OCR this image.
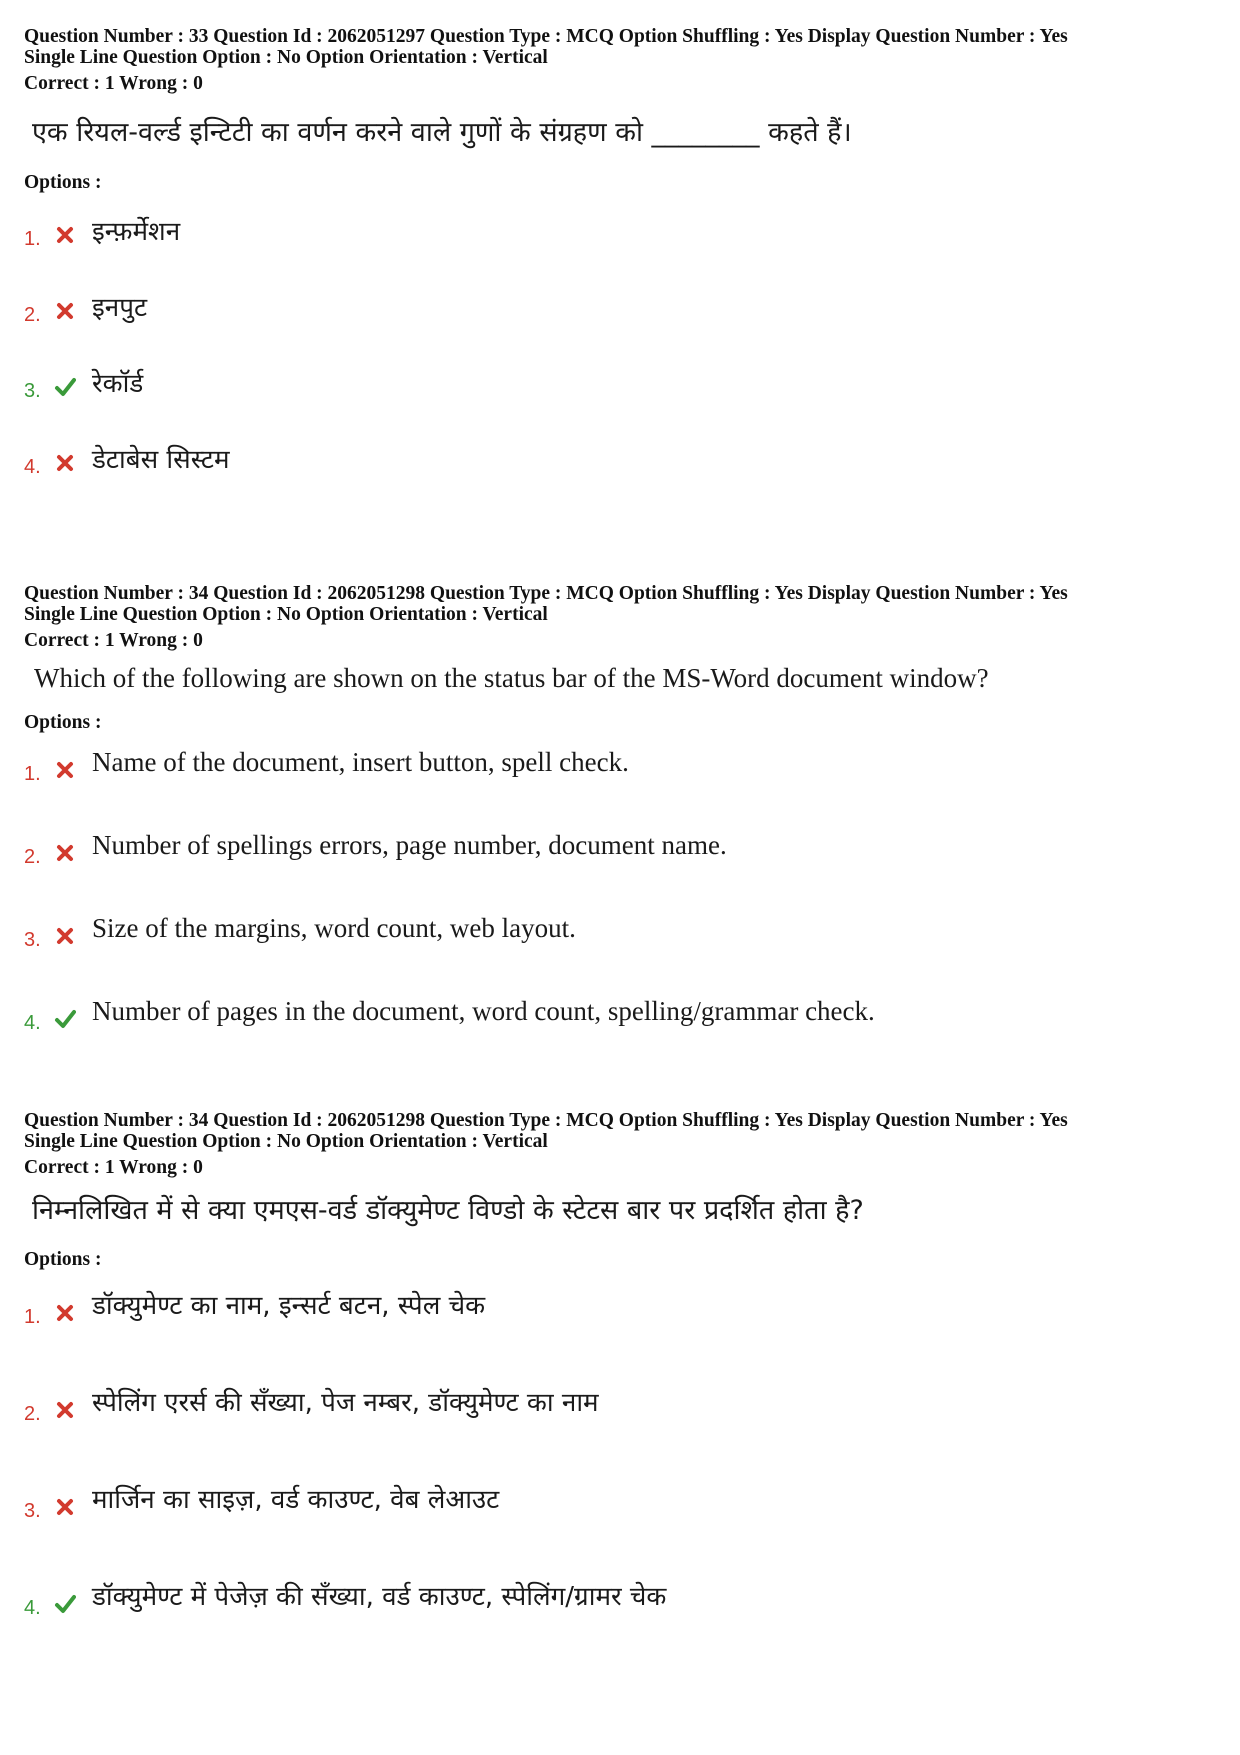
Question Number : 33 Question Id : 2062051297 Question Type : MCQ Option Shuffling : Yes Display Question Number : Yes

Single Line Question Option : No Option Orientation : Vertical

Correct : 1 Wrong : 0

एक रियल-वर्ल्ड इन्टिटी का वर्णन करने वाले गुणों के संग्रहण को ________ कहते हैं।

Options :
1. इन्फ़र्मेशन
2. इनपुट
3. रेकॉर्ड
4. डेटाबेस सिस्टम

Question Number : 34 Question Id : 2062051298 Question Type : MCQ Option Shuffling : Yes Display Question Number : Yes

Single Line Question Option : No Option Orientation : Vertical

Correct : 1 Wrong : 0

Which of the following are shown on the status bar of the MS-Word document window?

Options :
1. Name of the document, insert button, spell check.
2. Number of spellings errors, page number, document name.
3. Size of the margins, word count, web layout.
4. Number of pages in the document, word count, spelling/grammar check.

Question Number : 34 Question Id : 2062051298 Question Type : MCQ Option Shuffling : Yes Display Question Number : Yes

Single Line Question Option : No Option Orientation : Vertical

Correct : 1 Wrong : 0

निम्नलिखित में से क्या एमएस-वर्ड डॉक्युमेण्ट विण्डो के स्टेटस बार पर प्रदर्शित होता है?

Options :
1. डॉक्युमेण्ट का नाम, इन्सर्ट बटन, स्पेल चेक
2. स्पेलिंग एरर्स की सँख्या, पेज नम्बर, डॉक्युमेण्ट का नाम
3. मार्जिन का साइज़, वर्ड काउण्ट, वेब लेआउट
4. डॉक्युमेण्ट में पेजेज़ की सँख्या, वर्ड काउण्ट, स्पेलिंग/ग्रामर चेक
